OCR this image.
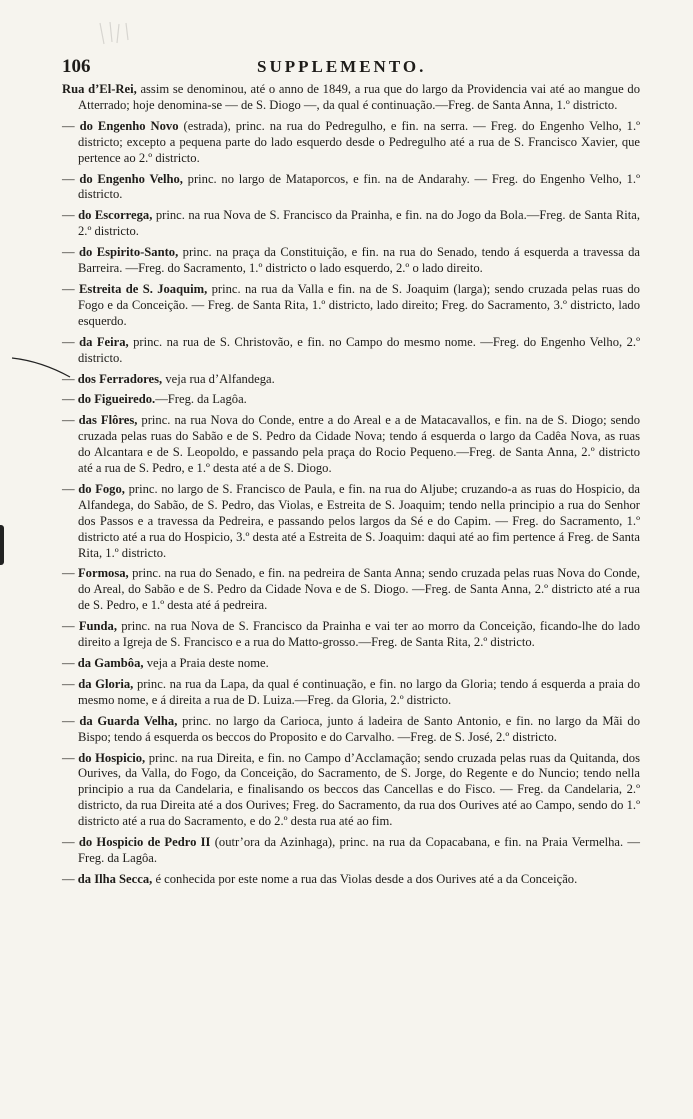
106	SUPPLEMENTO.

Rua d’El-Rei, assim se denominou, até o anno de 1849, a rua que do largo da Providencia vai até ao mangue do Atterrado; hoje denomina-se — de S. Diogo —, da qual é continuação.—Freg. de Santa Anna, 1.º districto.

— do Engenho Novo (estrada), princ. na rua do Pedregulho, e fin. na serra. — Freg. do Engenho Velho, 1.º districto; excepto a pequena parte do lado esquerdo desde o Pedregulho até a rua de S. Francisco Xavier, que pertence ao 2.º districto.

— do Engenho Velho, princ. no largo de Mataporcos, e fin. na de Andarahy. — Freg. do Engenho Velho, 1.º districto.

— do Escorrega, princ. na rua Nova de S. Francisco da Prainha, e fin. na do Jogo da Bola.—Freg. de Santa Rita, 2.º districto.

— do Espirito-Santo, princ. na praça da Constituição, e fin. na rua do Senado, tendo á esquerda a travessa da Barreira. —Freg. do Sacramento, 1.º districto o lado esquerdo, 2.º o lado direito.

— Estreita de S. Joaquim, princ. na rua da Valla e fin. na de S. Joaquim (larga); sendo cruzada pelas ruas do Fogo e da Conceição. — Freg. de Santa Rita, 1.º districto, lado direito; Freg. do Sacramento, 3.º districto, lado esquerdo.

— da Feira, princ. na rua de S. Christovão, e fin. no Campo do mesmo nome. —Freg. do Engenho Velho, 2.º districto.

— dos Ferradores, veja rua d’Alfandega.

— do Figueiredo.—Freg. da Lagôa.

— das Flôres, princ. na rua Nova do Conde, entre a do Areal e a de Matacavallos, e fin. na de S. Diogo; sendo cruzada pelas ruas do Sabão e de S. Pedro da Cidade Nova; tendo á esquerda o largo da Cadêa Nova, as ruas do Alcantara e de S. Leopoldo, e passando pela praça do Rocio Pequeno.—Freg. de Santa Anna, 2.º districto até a rua de S. Pedro, e 1.º desta até a de S. Diogo.

— do Fogo, princ. no largo de S. Francisco de Paula, e fin. na rua do Aljube; cruzando-a as ruas do Hospicio, da Alfandega, do Sabão, de S. Pedro, das Violas, e Estreita de S. Joaquim; tendo nella principio a rua do Senhor dos Passos e a travessa da Pedreira, e passando pelos largos da Sé e do Capim. — Freg. do Sacramento, 1.º districto até a rua do Hospicio, 3.º desta até a Estreita de S. Joaquim: daqui até ao fim pertence á Freg. de Santa Rita, 1.º districto.

— Formosa, princ. na rua do Senado, e fin. na pedreira de Santa Anna; sendo cruzada pelas ruas Nova do Conde, do Areal, do Sabão e de S. Pedro da Cidade Nova e de S. Diogo. —Freg. de Santa Anna, 2.º districto até a rua de S. Pedro, e 1.º desta até á pedreira.

— Funda, princ. na rua Nova de S. Francisco da Prainha e vai ter ao morro da Conceição, ficando-lhe do lado direito a Igreja de S. Francisco e a rua do Matto-grosso.—Freg. de Santa Rita, 2.º districto.

— da Gambôa, veja a Praia deste nome.

— da Gloria, princ. na rua da Lapa, da qual é continuação, e fin. no largo da Gloria; tendo á esquerda a praia do mesmo nome, e á direita a rua de D. Luiza.—Freg. da Gloria, 2.º districto.

— da Guarda Velha, princ. no largo da Carioca, junto á ladeira de Santo Antonio, e fin. no largo da Mãi do Bispo; tendo á esquerda os beccos do Proposito e do Carvalho. —Freg. de S. José, 2.º districto.

— do Hospicio, princ. na rua Direita, e fin. no Campo d’Acclamação; sendo cruzada pelas ruas da Quitanda, dos Ourives, da Valla, do Fogo, da Conceição, do Sacramento, de S. Jorge, do Regente e do Nuncio; tendo nella principio a rua da Candelaria, e finalisando os beccos das Cancellas e do Fisco. — Freg. da Candelaria, 2.º districto, da rua Direita até a dos Ourives; Freg. do Sacramento, da rua dos Ourives até ao Campo, sendo do 1.º districto até a rua do Sacramento, e do 2.º desta rua até ao fim.

— do Hospicio de Pedro II (outr’ora da Azinhaga), princ. na rua da Copacabana, e fin. na Praia Vermelha. —Freg. da Lagôa.

— da Ilha Secca, é conhecida por este nome a rua das Violas desde a dos Ourives até a da Conceição.
